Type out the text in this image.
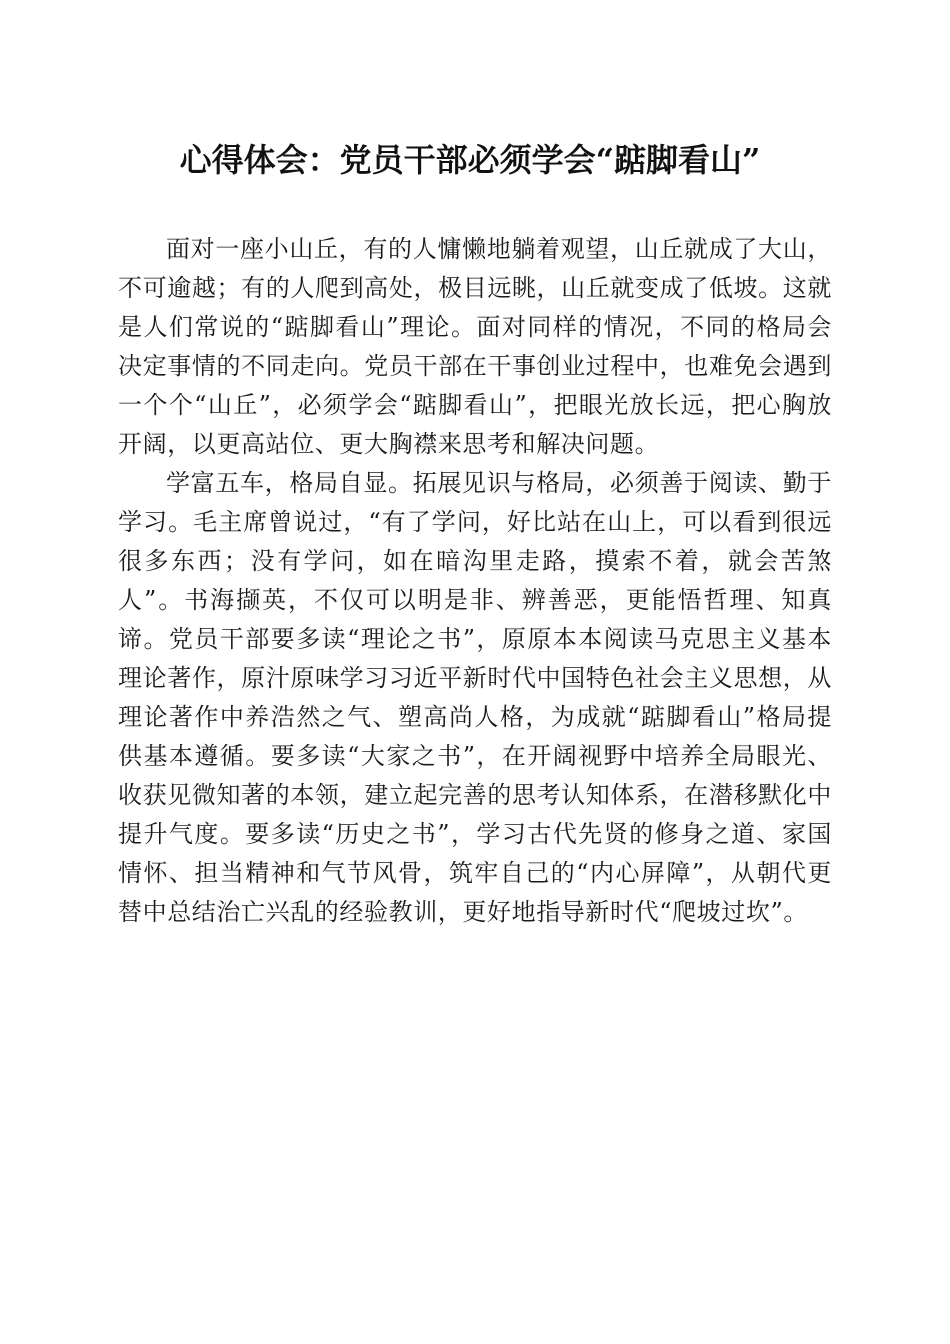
心得体会：党员干部必须学会“踮脚看山”

面对一座小山丘，有的人慵懒地躺着观望，山丘就成了大山，不可逾越；有的人爬到高处，极目远眺，山丘就变成了低坡。这就是人们常说的“踮脚看山”理论。面对同样的情况，不同的格局会决定事情的不同走向。党员干部在干事创业过程中，也难免会遇到一个个“山丘”，必须学会“踮脚看山”，把眼光放长远，把心胸放开阔，以更高站位、更大胸襟来思考和解决问题。

学富五车，格局自显。拓展见识与格局，必须善于阅读、勤于学习。毛主席曾说过，“有了学问，好比站在山上，可以看到很远很多东西；没有学问，如在暗沟里走路，摸索不着，就会苦煞人”。书海撷英，不仅可以明是非、辨善恶，更能悟哲理、知真谛。党员干部要多读“理论之书”，原原本本阅读马克思主义基本理论著作，原汁原味学习习近平新时代中国特色社会主义思想，从理论著作中养浩然之气、塑高尚人格，为成就“踮脚看山”格局提供基本遵循。要多读“大家之书”，在开阔视野中培养全局眼光、收获见微知著的本领，建立起完善的思考认知体系，在潜移默化中提升气度。要多读“历史之书”，学习古代先贤的修身之道、家国情怀、担当精神和气节风骨，筑牢自己的“内心屏障”，从朝代更替中总结治亡兴乱的经验教训，更好地指导新时代“爬坡过坎”。
